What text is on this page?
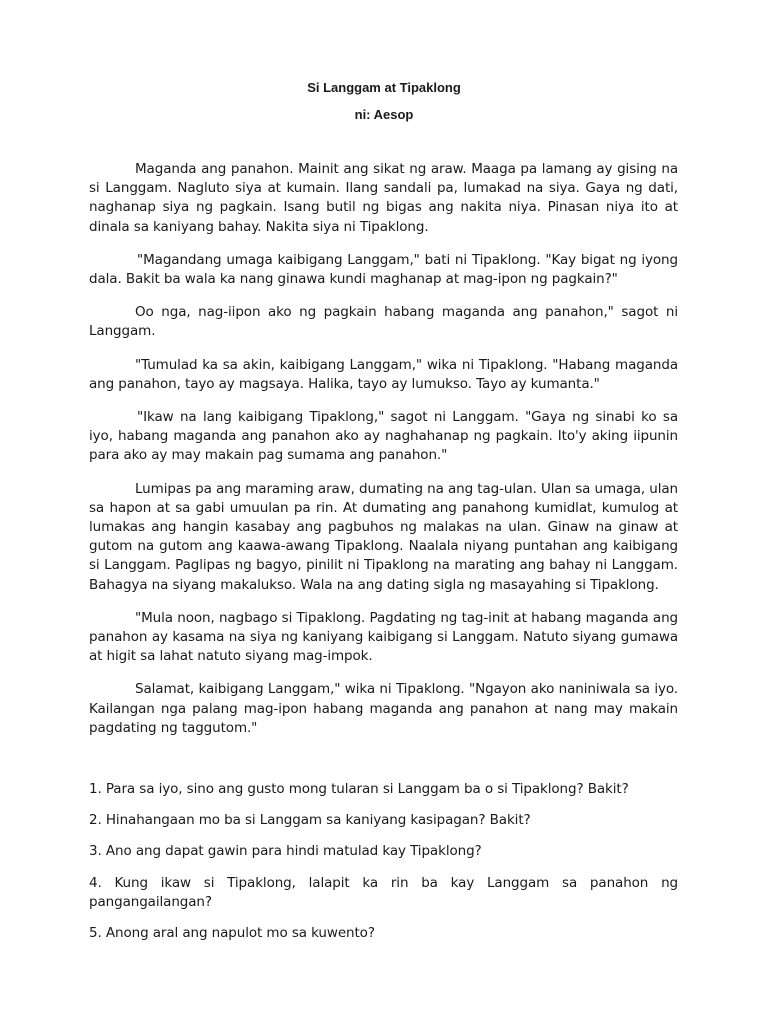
Si Langgam at Tipaklong
ni: Aesop

Maganda ang panahon. Mainit ang sikat ng araw. Maaga pa lamang ay gising na si Langgam. Nagluto siya at kumain. Ilang sandali pa, lumakad na siya. Gaya ng dati, naghanap siya ng pagkain. Isang butil ng bigas ang nakita niya. Pinasan niya ito at dinala sa kaniyang bahay. Nakita siya ni Tipaklong.

"Magandang umaga kaibigang Langgam," bati ni Tipaklong. "Kay bigat ng iyong dala. Bakit ba wala ka nang ginawa kundi maghanap at mag-ipon ng pagkain?"

Oo nga, nag-iipon ako ng pagkain habang maganda ang panahon," sagot ni Langgam.

"Tumulad ka sa akin, kaibigang Langgam," wika ni Tipaklong. "Habang maganda ang panahon, tayo ay magsaya. Halika, tayo ay lumukso. Tayo ay kumanta."

"Ikaw na lang kaibigang Tipaklong," sagot ni Langgam. "Gaya ng sinabi ko sa iyo, habang maganda ang panahon ako ay naghahanap ng pagkain. Ito'y aking iipunin para ako ay may makain pag sumama ang panahon."

Lumipas pa ang maraming araw, dumating na ang tag-ulan. Ulan sa umaga, ulan sa hapon at sa gabi umuulan pa rin. At dumating ang panahong kumidlat, kumulog at lumakas ang hangin kasabay ang pagbuhos ng malakas na ulan. Ginaw na ginaw at gutom na gutom ang kaawa-awang Tipaklong. Naalala niyang puntahan ang kaibigang si Langgam. Paglipas ng bagyo, pinilit ni Tipaklong na marating ang bahay ni Langgam. Bahagya na siyang makalukso. Wala na ang dating sigla ng masayahing si Tipaklong.

"Mula noon, nagbago si Tipaklong. Pagdating ng tag-init at habang maganda ang panahon ay kasama na siya ng kaniyang kaibigang si Langgam. Natuto siyang gumawa at higit sa lahat natuto siyang mag-impok.

Salamat, kaibigang Langgam," wika ni Tipaklong. "Ngayon ako naniniwala sa iyo. Kailangan nga palang mag-ipon habang maganda ang panahon at nang may makain pagdating ng taggutom."

1. Para sa iyo, sino ang gusto mong tularan si Langgam ba o si Tipaklong? Bakit?

2. Hinahangaan mo ba si Langgam sa kaniyang kasipagan? Bakit?

3. Ano ang dapat gawin para hindi matulad kay Tipaklong?

4. Kung ikaw si Tipaklong, lalapit ka rin ba kay Langgam sa panahon ng pangangailangan?

5. Anong aral ang napulot mo sa kuwento?
